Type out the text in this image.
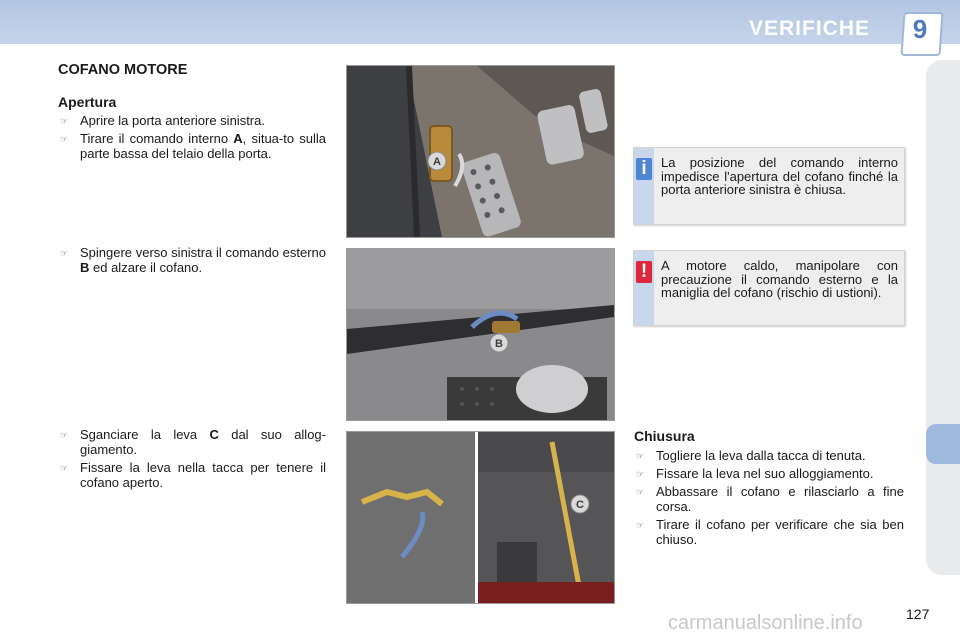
VERIFICHE	9
COFANO MOTORE
Apertura
☞ Aprire la porta anteriore sinistra.
☞ Tirare il comando interno A, situa-to sulla parte bassa del telaio della porta.
☞ Spingere verso sinistra il comando esterno B ed alzare il cofano.
☞ Sganciare la leva C dal suo allog-giamento.
☞ Fissare la leva nella tacca per tenere il cofano aperto.
A
B
C
i	La posizione del comando interno impedisce l'apertura del cofano finché la porta anteriore sinistra è chiusa.
!	A motore caldo, manipolare con precauzione il comando esterno e la maniglia del cofano (rischio di ustioni).
Chiusura
☞ Togliere la leva dalla tacca di tenuta.
☞ Fissare la leva nel suo alloggiamento.
☞ Abbassare il cofano e rilasciarlo a fine corsa.
☞ Tirare il cofano per verificare che sia ben chiuso.
carmanualsonline.info	127
